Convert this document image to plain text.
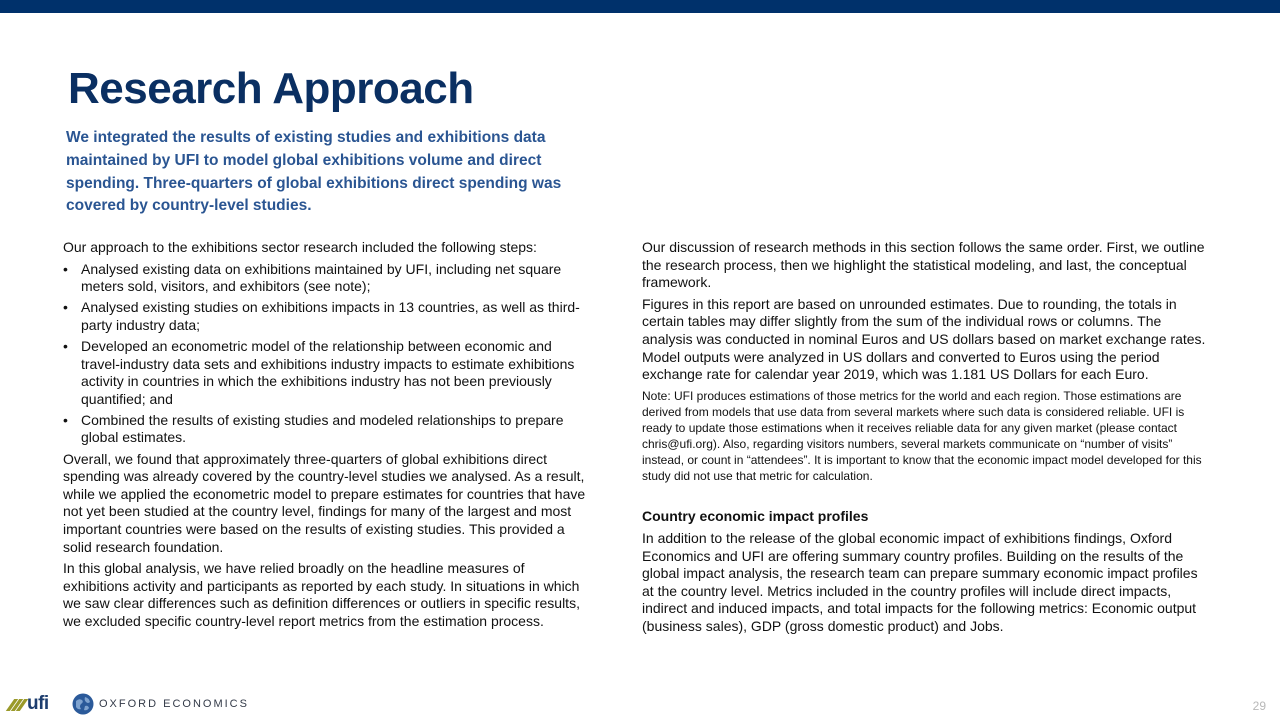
Research Approach
We integrated the results of existing studies and exhibitions data maintained by UFI to model global exhibitions volume and direct spending. Three-quarters of global exhibitions direct spending was covered by country-level studies.

Our approach to the exhibitions sector research included the following steps:

• Analysed existing data on exhibitions maintained by UFI, including net square meters sold, visitors, and exhibitors (see note);
• Analysed existing studies on exhibitions impacts in 13 countries, as well as third-party industry data;
• Developed an econometric model of the relationship between economic and travel-industry data sets and exhibitions industry impacts to estimate exhibitions activity in countries in which the exhibitions industry has not been previously quantified; and
• Combined the results of existing studies and modeled relationships to prepare global estimates.

Overall, we found that approximately three-quarters of global exhibitions direct spending was already covered by the country-level studies we analysed. As a result, while we applied the econometric model to prepare estimates for countries that have not yet been studied at the country level, findings for many of the largest and most important countries were based on the results of existing studies. This provided a solid research foundation.

In this global analysis, we have relied broadly on the headline measures of exhibitions activity and participants as reported by each study. In situations in which we saw clear differences such as definition differences or outliers in specific results, we excluded specific country-level report metrics from the estimation process.

Our discussion of research methods in this section follows the same order. First, we outline the research process, then we highlight the statistical modeling, and last, the conceptual framework.

Figures in this report are based on unrounded estimates. Due to rounding, the totals in certain tables may differ slightly from the sum of the individual rows or columns. The analysis was conducted in nominal Euros and US dollars based on market exchange rates. Model outputs were analyzed in US dollars and converted to Euros using the period exchange rate for calendar year 2019, which was 1.181 US Dollars for each Euro.

Note: UFI produces estimations of those metrics for the world and each region. Those estimations are derived from models that use data from several markets where such data is considered reliable. UFI is ready to update those estimations when it receives reliable data for any given market (please contact chris@ufi.org). Also, regarding visitors numbers, several markets communicate on “number of visits” instead, or count in “attendees”. It is important to know that the economic impact model developed for this study did not use that metric for calculation.

Country economic impact profiles

In addition to the release of the global economic impact of exhibitions findings, Oxford Economics and UFI are offering summary country profiles. Building on the results of the global impact analysis, the research team can prepare summary economic impact profiles at the country level. Metrics included in the country profiles will include direct impacts, indirect and induced impacts, and total impacts for the following metrics: Economic output (business sales), GDP (gross domestic product) and Jobs.

ufi	OXFORD ECONOMICS	29
